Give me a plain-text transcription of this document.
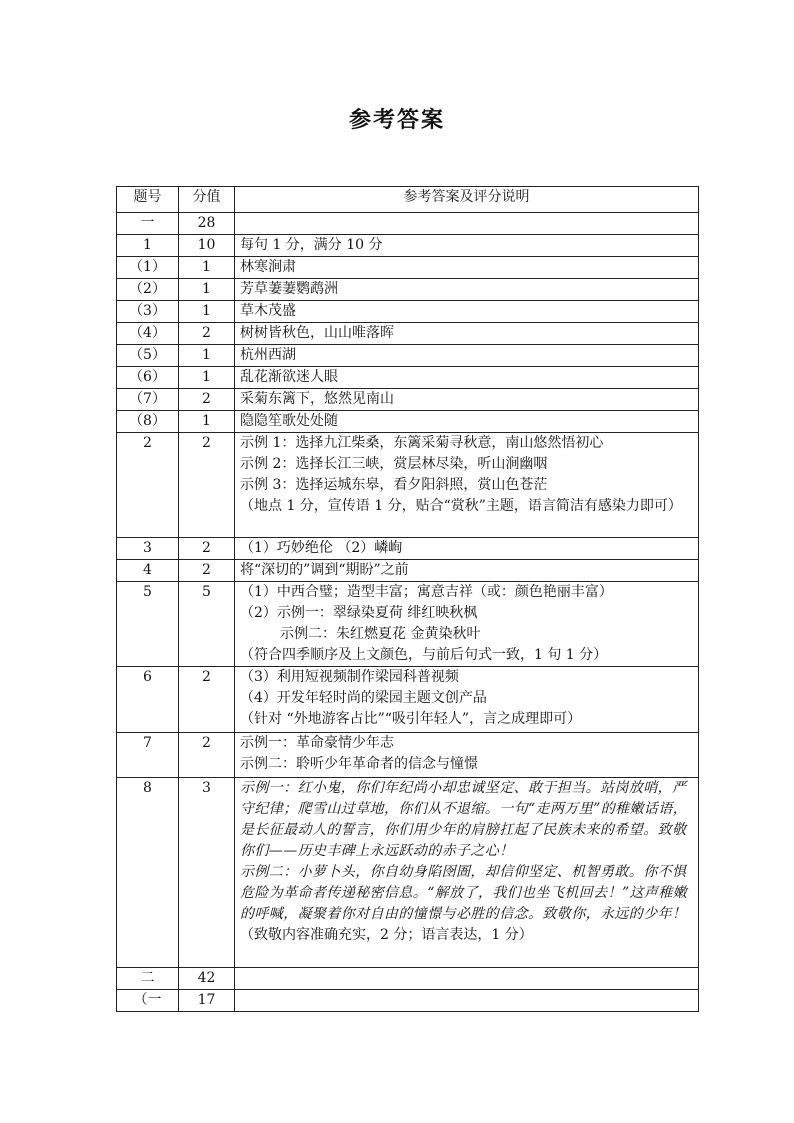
参考答案
题号	分值	参考答案及评分说明
一	28	
1	10	每句 1 分，满分 10 分

（1）	1	林寒涧肃

（2）	1	芳草萋萋鹦鹉洲

（3）	1	草木茂盛

（4）	2	树树皆秋色，山山唯落晖

（5）	1	杭州西湖

（6）	1	乱花渐欲迷人眼

（7）	2	采菊东篱下，悠然见南山

（8）	1	隐隐笙歌处处随

2	2	示例 1：选择九江柴桑，东篱采菊寻秋意，南山悠然悟初心
示例 2：选择长江三峡，赏层林尽染，听山涧幽咽
示例 3：选择运城东皋，看夕阳斜照，赏山色苍茫
（地点 1 分，宣传语 1 分，贴合“赏秋”主题，语言简洁有感染力即可）

3	2	（1）巧妙绝伦 （2）嶙峋

4	2	将“深切的”调到“期盼”之前

5	5	（1）中西合璧；造型丰富；寓意吉祥（或：颜色艳丽丰富）
（2）示例一：翠绿染夏荷 绯红映秋枫
示例二：朱红燃夏花 金黄染秋叶
（符合四季顺序及上文颜色，与前后句式一致，1 句 1 分）

6	2	（3）利用短视频制作梁园科普视频
（4）开发年轻时尚的梁园主题文创产品
（针对 “外地游客占比”“吸引年轻人”，言之成理即可）

7	2	示例一：革命豪情少年志
示例二：聆听少年革命者的信念与憧憬

8	3	示例一：红小鬼，你们年纪尚小却忠诚坚定、敢于担当。站岗放哨，严守纪律；爬雪山过草地，你们从不退缩。一句“走两万里”的稚嫩话语，是长征最动人的誓言，你们用少年的肩膀扛起了民族未来的希望。致敬你们——历史丰碑上永远跃动的赤子之心！
示例二：小萝卜头，你自幼身陷囹圄，却信仰坚定、机智勇敢。你不惧危险为革命者传递秘密信息。“解放了，我们也坐飞机回去！”这声稚嫩的呼喊，凝聚着你对自由的憧憬与必胜的信念。致敬你，永远的少年！
（致敬内容准确充实，2 分；语言表达，1 分）

二	42	
（一	17	
